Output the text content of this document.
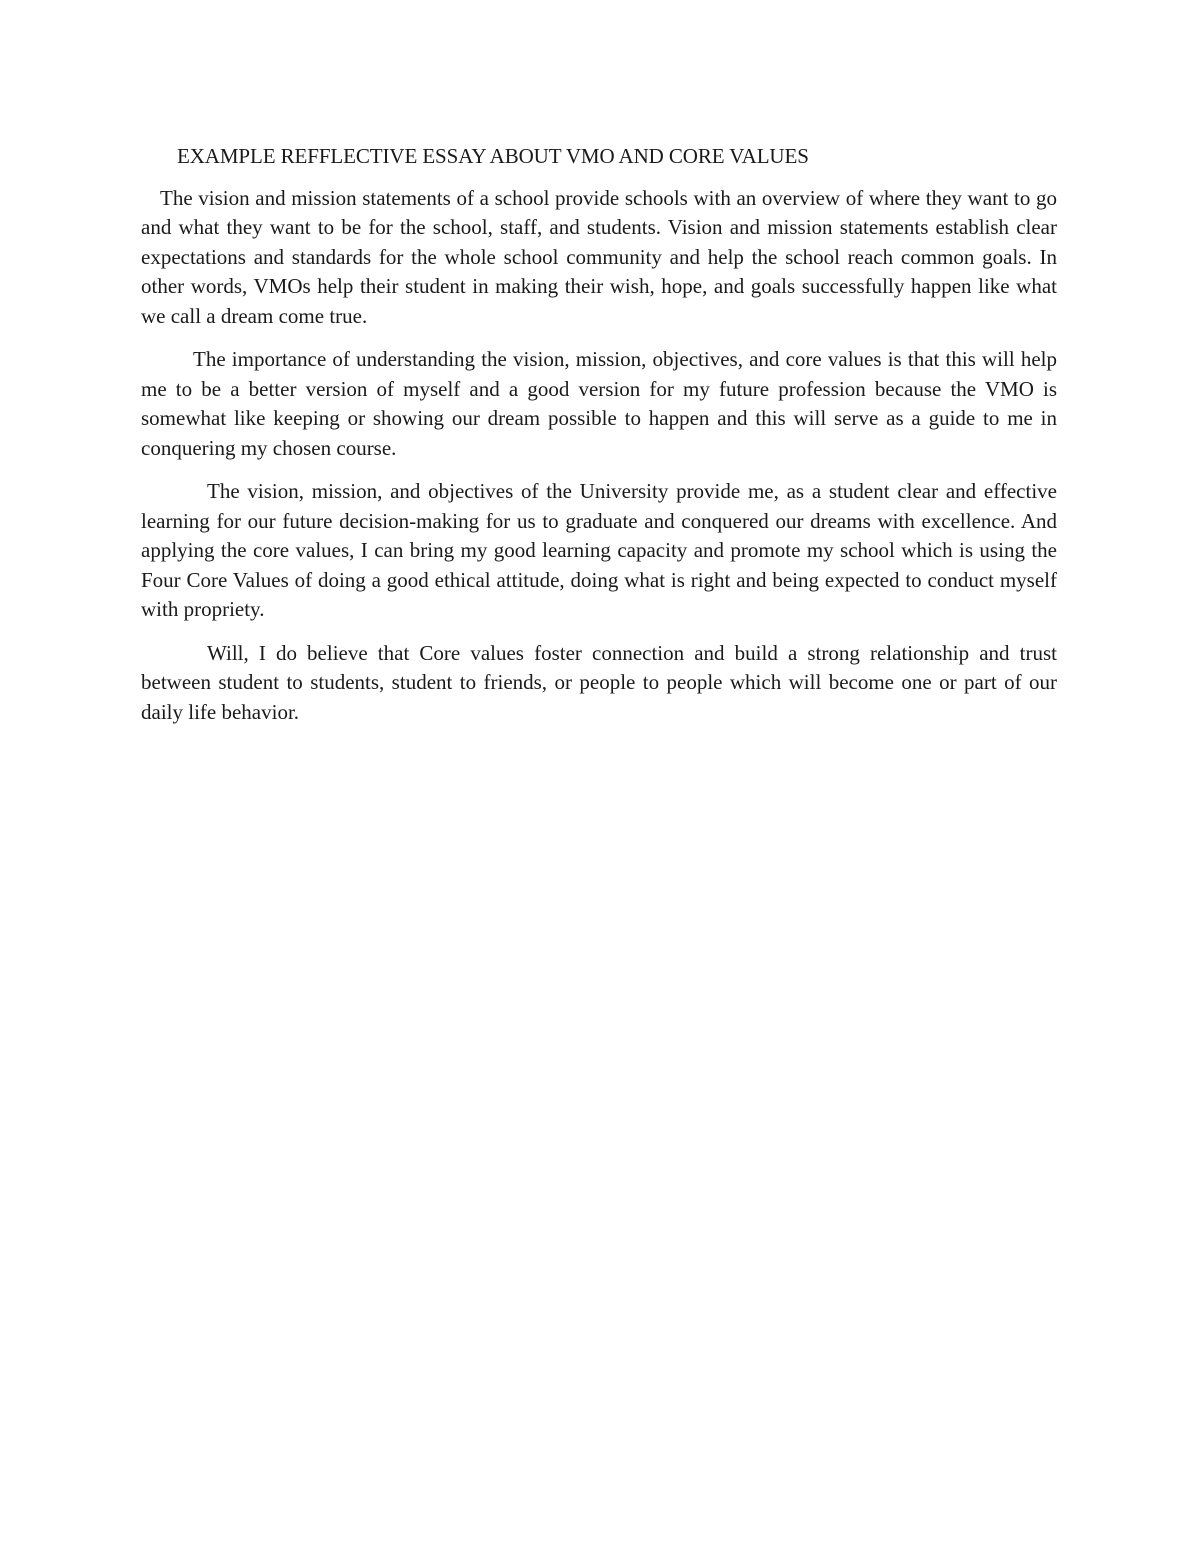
EXAMPLE REFFLECTIVE ESSAY ABOUT VMO AND CORE VALUES

The vision and mission statements of a school provide schools with an overview of where they want to go and what they want to be for the school, staff, and students. Vision and mission statements establish clear expectations and standards for the whole school community and help the school reach common goals. In other words, VMOs help their student in making their wish, hope, and goals successfully happen like what we call a dream come true.

The importance of understanding the vision, mission, objectives, and core values is that this will help me to be a better version of myself and a good version for my future profession because the VMO is somewhat like keeping or showing our dream possible to happen and this will serve as a guide to me in conquering my chosen course.

The vision, mission, and objectives of the University provide me, as a student clear and effective learning for our future decision-making for us to graduate and conquered our dreams with excellence. And applying the core values, I can bring my good learning capacity and promote my school which is using the Four Core Values of doing a good ethical attitude, doing what is right and being expected to conduct myself with propriety.

Will, I do believe that Core values foster connection and build a strong relationship and trust between student to students, student to friends, or people to people which will become one or part of our daily life behavior.
